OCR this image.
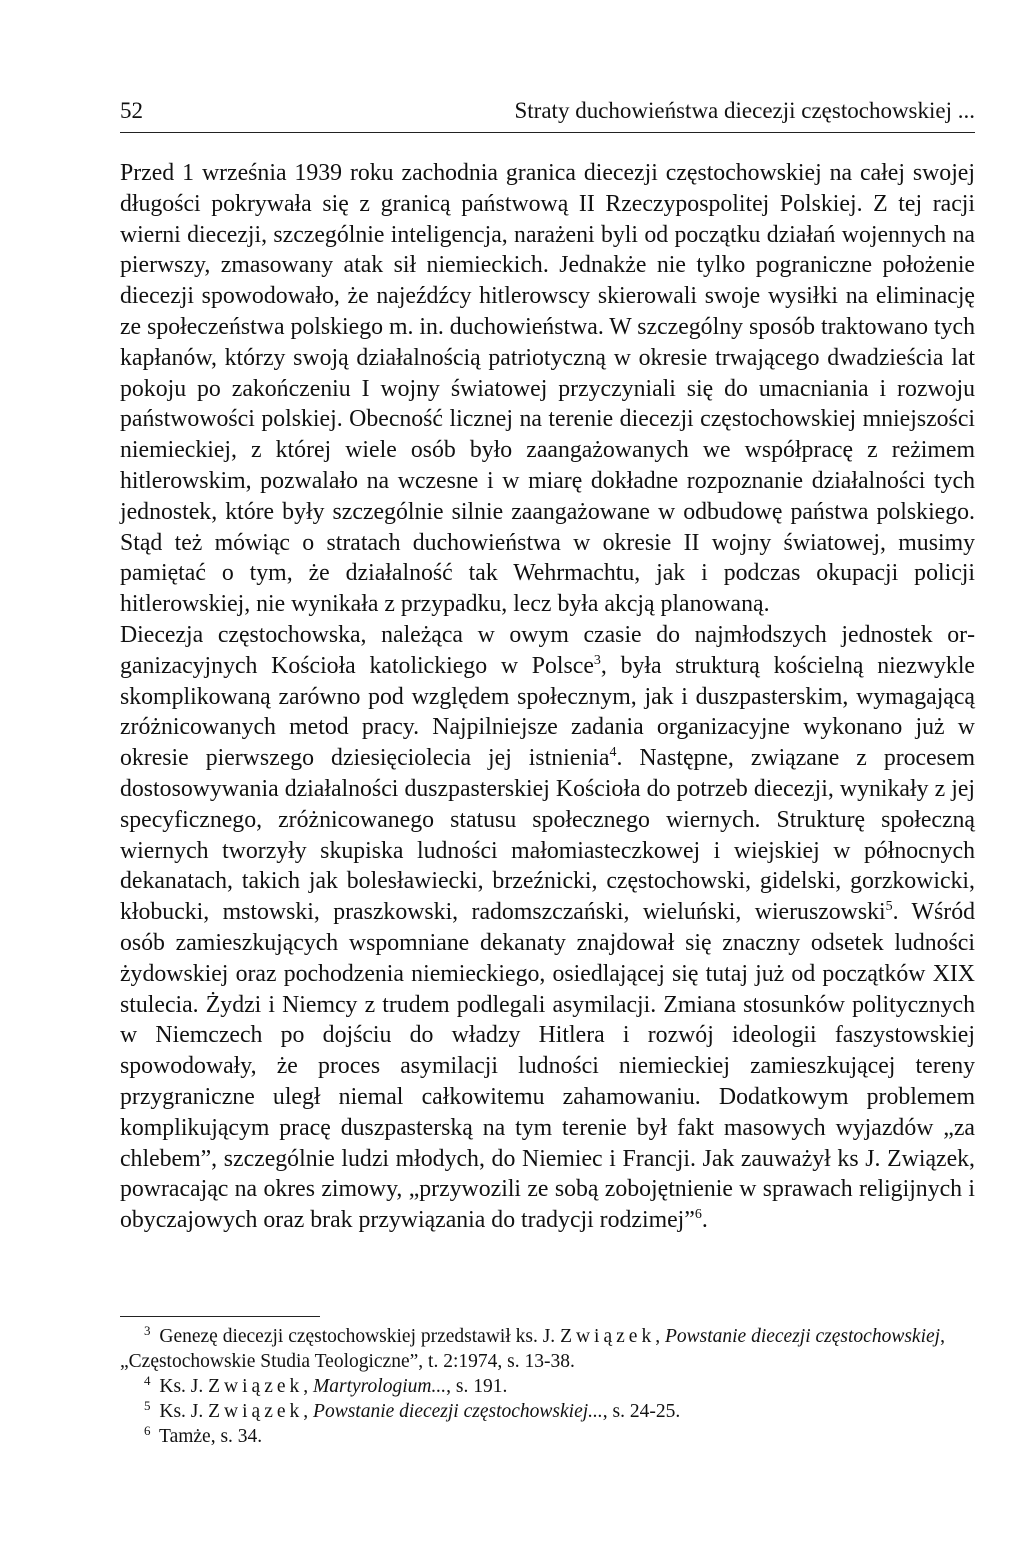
52	Straty duchowieństwa diecezji częstochowskiej ...

Przed 1 września 1939 roku zachodnia granica diecezji częstochowskiej na całej swojej długości pokrywała się z granicą państwową II Rzeczypospolitej Polskiej. Z tej racji wierni diecezji, szczególnie inteligencja, narażeni byli od początku działań wojennych na pierwszy, zmasowany atak sił niemieckich. Jednakże nie tylko pograniczne położenie diecezji spowodowało, że najeźdźcy hitlerowscy skierowali swoje wysiłki na eliminację ze społeczeństwa polskiego m. in. duchowieństwa. W szczególny sposób traktowano tych kapłanów, którzy swoją działalnością patriotyczną w okresie trwającego dwadzieścia lat pokoju po zakończeniu I wojny światowej przyczyniali się do umacniania i rozwoju państwowości polskiej. Obecność licznej na terenie diecezji częstochowskiej mniejszości niemieckiej, z której wiele osób było zaangażowanych we współpracę z reżimem hitlerowskim, pozwalało na wczesne i w miarę dokładne rozpoznanie działalności tych jednostek, które były szczególnie silnie zaangażowane w odbudowę państwa polskiego. Stąd też mówiąc o stratach duchowieństwa w okresie II wojny światowej, musimy pamiętać o tym, że działalność tak Wehrmachtu, jak i podczas okupacji policji hitlerowskiej, nie wynikała z przypadku, lecz była akcją planowaną.

Diecezja częstochowska, należąca w owym czasie do najmłodszych jednostek organizacyjnych Kościoła katolickiego w Polsce$^3$, była strukturą kościelną niezwykle skomplikowaną zarówno pod względem społecznym, jak i duszpasterskim, wymagającą zróżnicowanych metod pracy. Najpilniejsze zadania organizacyjne wykonano już w okresie pierwszego dziesięciolecia jej istnienia$^4$. Następne, związane z procesem dostosowywania działalności duszpasterskiej Kościoła do potrzeb diecezji, wynikały z jej specyficznego, zróżnicowanego statusu społecznego wiernych. Strukturę społeczną wiernych tworzyły skupiska ludności małomiasteczkowej i wiejskiej w północnych dekanatach, takich jak bolesławiecki, brzeźnicki, częstochowski, gidelski, gorzkowicki, kłobucki, mstowski, praszkowski, radomszczański, wieluński, wieruszowski$^5$. Wśród osób zamieszkujących wspomniane dekanaty znajdował się znaczny odsetek ludności żydowskiej oraz pochodzenia niemieckiego, osiedlającej się tutaj już od początków XIX stulecia. Żydzi i Niemcy z trudem podlegali asymilacji. Zmiana stosunków politycznych w Niemczech po dojściu do władzy Hitlera i rozwój ideologii faszystowskiej spowodowały, że proces asymilacji ludności niemieckiej zamieszkującej tereny przygraniczne uległ niemal całkowitemu zahamowaniu. Dodatkowym problemem komplikującym pracę duszpasterską na tym terenie był fakt masowych wyjazdów „za chlebem”, szczególnie ludzi młodych, do Niemiec i Francji. Jak zauważył ks J. Związek, powracając na okres zimowy, „przywozili ze sobą zobojętnienie w sprawach religijnych i obyczajowych oraz brak przywiązania do tradycji rodzimej”$^6$.

$^3$ Genezę diecezji częstochowskiej przedstawił ks. J. Związek, Powstanie diecezji częstochowskiej, „Częstochowskie Studia Teologiczne”, t. 2:1974, s. 13-38.

$^4$ Ks. J. Związek, Martyrologium..., s. 191.

$^5$ Ks. J. Związek, Powstanie diecezji częstochowskiej..., s. 24-25.

$^6$ Tamże, s. 34.
